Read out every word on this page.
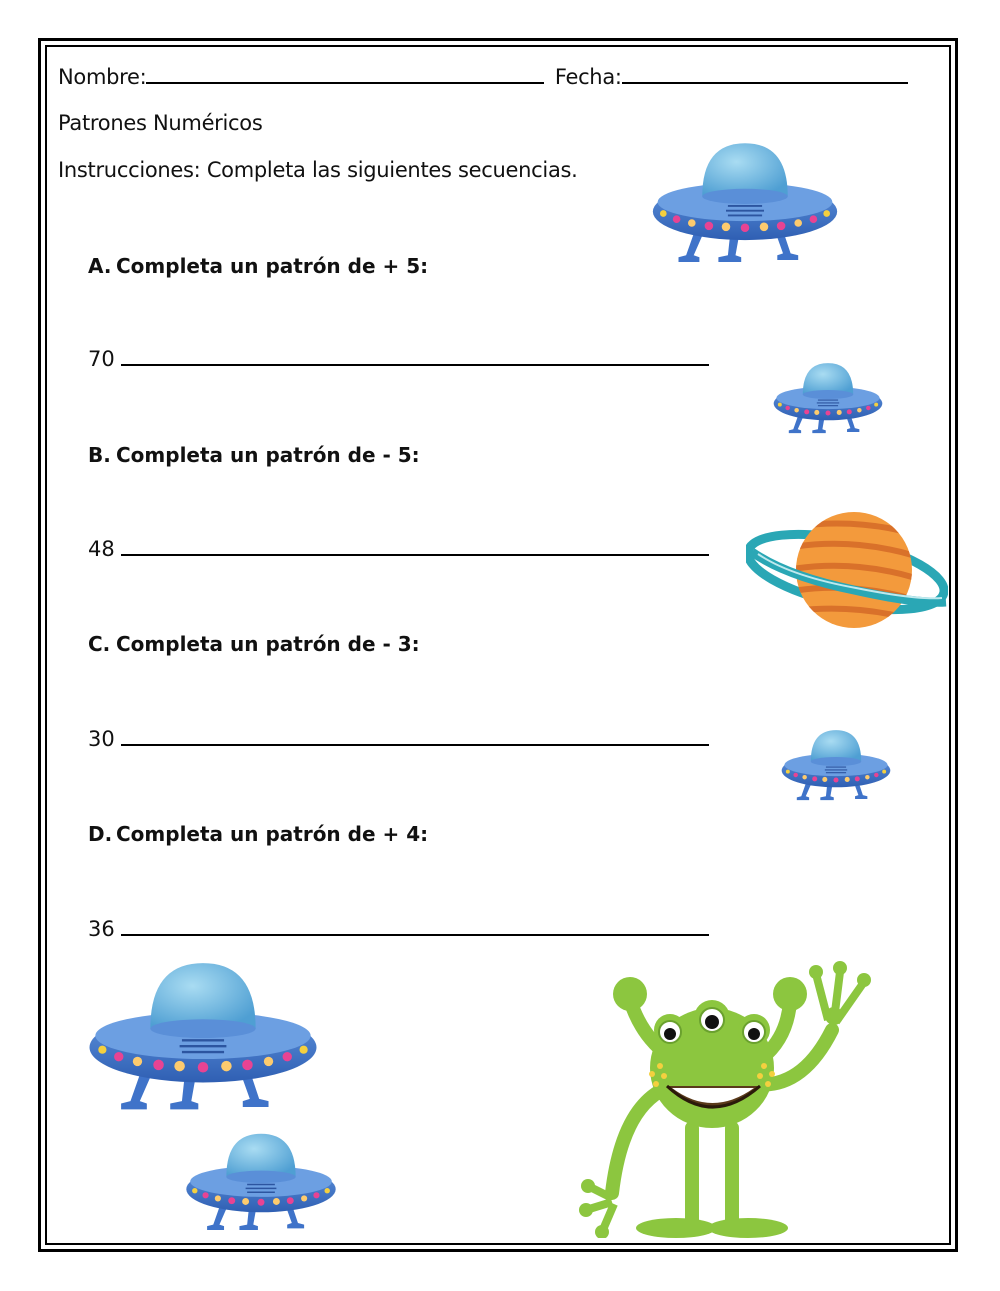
Nombre:	Fecha:
Patrones Numéricos
Instrucciones: Completa las siguientes secuencias.
A. Completa un patrón de + 5:
70
B. Completa un patrón de - 5:
48
C. Completa un patrón de - 3:
30
D. Completa un patrón de + 4:
36
